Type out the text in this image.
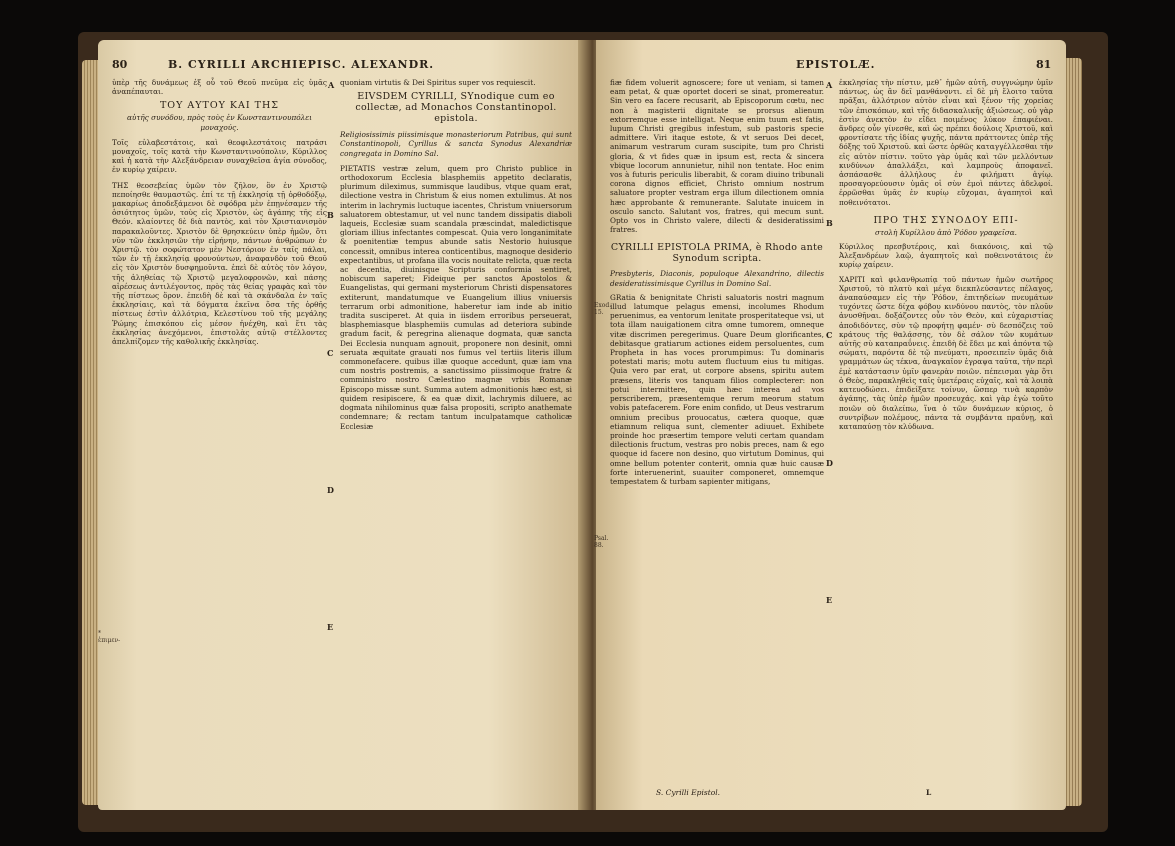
80	B. CYRILLI ARCHIEPISC. ALEXANDR.

ὑπὲρ τῆς δυνάμεως ἐξ οὗ τοῦ Θεοῦ πνεῦμα εἰς ὑμᾶς ἀναπέπαυται.

ΤΟΥ ΑΥΤΟΥ ΚΑΙ ΤΗΣ

αὐτῆς συνόδου, πρὸς τοὺς ἐν Κωνσταντινουπόλει μοναχούς.

Τοῖς εὐλαβεστάτοις, καὶ θεοφιλεστάτοις πατράσι μοναχοῖς, τοῖς κατὰ τὴν Κωνσταντινούπολιν, Κύριλλος καὶ ἡ κατὰ τὴν Αλεξάνδρειαν συναχθεῖσα ἁγία σύνοδος, ἐν κυρίῳ χαίρειν.

ΤΗΣ θεοσεβείας ὑμῶν τὸν ζῆλον, ὃν ἐν Χριστῷ πεποίησθε θαυμαστῶς. ἐπί τε τῇ ἐκκλησίᾳ τῇ ὀρθοδόξῳ, μακαρίως ἀποδεξάμενοι δὲ σφόδρα μὲν ἐπῃνέσαμεν τῆς ὁσιότητος ὑμῶν, τοὺς εἰς Χριστὸν, ὡς ἀγάπης τῆς εἰς Θεόν. κλαίοντες δὲ διὰ παντὸς, καὶ τὸν Χριστιανισμὸν παρακαλοῦντες. Χριστὸν δὲ θρησκεύειν ὑπὲρ ἡμῶν, ὅτι νῦν τῶν ἐκκλησιῶν τὴν εἰρήνην, πάντων ἀνθρώπων ἐν Χριστῷ. τὸν σοφώτατον μὲν Νεστόριον ἐν ταῖς πάλαι, τῶν ἐν τῇ ἐκκλησίᾳ φρονούντων, ἀναφανδὸν τοῦ Θεοῦ εἰς τὸν Χριστὸν δυσφημοῦντα. ἐπεὶ δὲ αὐτὸς τὸν λόγον, τῆς ἀληθείας τῷ Χριστῷ μεγαλοφρονῶν, καὶ πάσης αἱρέσεως ἀντιλέγοντος, πρὸς τὰς θείας γραφὰς καὶ τὸν τῆς πίστεως ὅρον. ἐπειδὴ δὲ καὶ τὰ σκάνδαλα ἐν ταῖς ἐκκλησίαις, καὶ τὰ δόγματα ἐκεῖνα ὅσα τῆς ὀρθῆς πίστεως ἐστὶν ἀλλότρια, Κελεστίνου τοῦ τῆς μεγάλης Ῥώμης ἐπισκόπου εἰς μέσον ἠνέχθη, καὶ ἔτι τὰς ἐκκλησίας ἀνεχόμενοι, ἐπιστολὰς αὐτῷ στέλλοντες ἀπελπίζομεν τῆς καθολικῆς ἐκκλησίας.

A
B
C
D
E
* ἐπιμεν-

quoniam virtutis & Dei Spiritus super vos requiescit.

EIVSDEM CYRILLI, SYnodique cum eo collectæ, ad Monachos Constantinopol. epistola.

Religiosissimis piissimisque monasteriorum Patribus, qui sunt Constantinopoli, Cyrillus & sancta Synodus Alexandriæ congregata in Domino Sal.

PIETATIS vestræ zelum, quem pro Christo publice in orthodoxorum Ecclesia blasphemiis appetito declaratis, plurimum dileximus, summisque laudibus, vtque quam erat, dilectione vestra in Christum & eius nomen extulimus. At nos interim in lachrymis luctuque iacentes, Christum vniuersorum saluatorem obtestamur, ut vel nunc tandem dissipatis diaboli laqueis, Ecclesiæ suam scandala præscindat, maledictisque gloriam illius infectantes compescat. Quia vero longanimitate & poenitentiæ tempus abunde satis Nestorio huiusque concessit, omnibus interea conticentibus, magnoque desiderio expectantibus, ut profana illa vocis nouitate relicta, quæ recta ac decentia, diuinisque Scripturis conformia sentiret, nobiscum saperet; Fideique per sanctos Apostolos & Euangelistas, qui germani mysteriorum Christi dispensatores extiterunt, mandatumque ve Euangelium illius vniuersis terrarum orbi admonitione, haberetur iam inde ab initio tradita susciperet. At quia in iisdem erroribus perseuerat, blasphemiasque blasphemiis cumulas ad deteriora subinde gradum facit, & peregrina alienaque dogmata, quæ sancta Dei Ecclesia nunquam agnouit, proponere non desinit, omni seruata æquitate grauati nos fumus vel tertiis literis illum commonefacere. quibus illæ quoque accedunt, quæ iam vna cum nostris postremis, a sanctissimo piissimoque fratre & comministro nostro Cælestino magnæ vrbis Romanæ Episcopo missæ sunt. Summa autem admonitionis hæc est, si quidem resipiscere, & ea quæ dixit, lachrymis diluere, ac dogmata nihilominus quæ falsa propositi, scripto anathemate condemnare; & rectam tantum inculpatamque catholicæ Ecclesiæ

EPISTOLÆ.	81

fiæ fidem voluerit agnoscere; fore ut veniam, si tamen eam petat, & quæ oportet doceri se sinat, promereatur. Sin vero ea facere recusarit, ab Episcoporum cœtu, nec non à magisterii dignitate se prorsus alienum extorremque esse intelligat. Neque enim tuum est fatis, lupum Christi gregibus infestum, sub pastoris specie admittere. Viri itaque estote, & vt seruos Dei decet, animarum vestrarum curam suscipite, tum pro Christi gloria, & vt fides quæ in ipsum est, recta & sincera vbique locorum annunietur, nihil non tentate. Hoc enim vos à futuris periculis liberabit, & coram diuino tribunali corona dignos efficiet, Christo omnium nostrum saluatore propter vestram erga illum dilectionem omnia hæc approbante & remunerante. Salutate inuicem in osculo sancto. Salutant vos, fratres, qui mecum sunt. Opto vos in Christo valere, dilecti & desideratissimi fratres.

CYRILLI EPISTOLA PRIMA, è Rhodo ante Synodum scripta.

Presbyteris, Diaconis, populoque Alexandrino, dilectis desideratissimisque Cyrillus in Domino Sal.

GRatia & benignitate Christi saluatoris nostri magnum illud latumque pelagus emensi, incolumes Rhodum peruenimus, ea ventorum lenitate prosperitateque vsi, ut tota illam nauigationem citra omne tumorem, omneque vitæ discrimen peregerimus. Quare Deum glorificantes, debitasque gratiarum actiones eidem persoluentes, cum Propheta in has voces prorumpimus: Tu dominaris potestati maris; motu autem fluctuum eius tu mitigas. Quia vero par erat, ut corpore absens, spiritu autem præsens, literis vos tanquam filios complecterer: non potui intermittere, quin hæc interea ad vos perscriberem, præsentemque rerum meorum statum vobis patefacerem. Fore enim confido, ut Deus vestrarum omnium precibus prouocatus, cætera quoque, quæ etiamnum reliqua sunt, clementer adiuuet. Exhibete proinde hoc præsertim tempore veluti certam quandam dilectionis fructum, vestras pro nobis preces, nam & ego quoque id facere non desino, quo virtutum Dominus, qui omne bellum potenter conterit, omnia quæ huic causæ forte interuenerint, suauiter componeret, omnemque tempestatem & turbam sapienter mitigans,

Exod. 15.
Psal. 88.
A
B
C
D
E

ἐκκλησίας τὴν πίστιν, μεθ᾽ ἡμῶν αὐτῆ, συγγνώμην ὑμῖν πάντως, ὡς ἂν δεῖ μανθάνοντι. εἰ δὲ μὴ ἔλοιτο ταῦτα πρᾶξαι, ἀλλότριον αὐτὸν εἶναι καὶ ξένον τῆς χορείας τῶν ἐπισκόπων, καὶ τῆς διδασκαλικῆς ἀξιώσεως. οὐ γὰρ ἐστὶν ἀνεκτὸν ἐν εἴδει ποιμένος λύκον ἐπαφιέναι. ἄνδρες οὖν γίνεσθε, καὶ ὡς πρέπει δούλοις Χριστοῦ, καὶ φροντίσατε τῆς ἰδίας ψυχῆς, πάντα πράττοντες ὑπὲρ τῆς δόξης τοῦ Χριστοῦ. καὶ ὥστε ὀρθῶς καταγγέλλεσθαι τὴν εἰς αὐτὸν πίστιν. τοῦτο γὰρ ὑμᾶς καὶ τῶν μελλόντων κινδύνων ἀπαλλάξει, καὶ λαμπροὺς ἀποφανεῖ. ἀσπάσασθε ἀλλήλους ἐν φιλήματι ἁγίῳ. προσαγορεύουσιν ὑμᾶς οἱ σὺν ἐμοὶ πάντες ἀδελφοί. ἐρρῶσθαι ὑμᾶς ἐν κυρίῳ εὔχομαι, ἀγαπητοὶ καὶ ποθεινότατοι.

ΠΡΟ ΤΗΣ ΣΥΝΟΔΟΥ ΕΠΙ-

στολὴ Κυρίλλου ἀπὸ Ῥόδου γραφεῖσα.

Κύριλλος πρεσβυτέροις, καὶ διακόνοις, καὶ τῷ Ἀλεξανδρέων λαῷ, ἀγαπητοῖς καὶ ποθεινοτάτοις ἐν κυρίῳ χαίρειν.

ΧΑΡΙΤΙ καὶ φιλανθρωπίᾳ τοῦ πάντων ἡμῶν σωτῆρος Χριστοῦ, τὸ πλατὺ καὶ μέγα διεκπλεύσαντες πέλαγος, ἀναπαύσαμεν εἰς τὴν Ῥόδον, ἐπιτηδείων πνευμάτων τυχόντες ὥστε δίχα φόβου κινδύνου παντὸς, τὸν πλοῦν ἀνυσθῆναι. δοξάζοντες οὖν τὸν Θεὸν, καὶ εὐχαριστίας ἀποδιδόντες, σὺν τῷ προφήτῃ φαμέν· σὺ δεσπόζεις τοῦ κράτους τῆς θαλάσσης, τὸν δὲ σάλον τῶν κυμάτων αὐτῆς σὺ καταπραΰνεις. ἐπειδὴ δὲ ἔδει με καὶ ἀπόντα τῷ σώματι, παρόντα δὲ τῷ πνεύματι, προσειπεῖν ὑμᾶς διὰ γραμμάτων ὡς τέκνα, ἀναγκαῖον ἐγραψα ταῦτα, τὴν περὶ ἐμὲ κατάστασιν ὑμῖν φανερὰν ποιῶν. πέπεισμαι γὰρ ὅτι ὁ Θεὸς, παρακληθεὶς ταῖς ὑμετέραις εὐχαῖς, καὶ τὰ λοιπὰ κατευοδώσει. ἐπιδείξατε τοίνυν, ὥσπερ τινὰ καρπὸν ἀγάπης, τὰς ὑπὲρ ἡμῶν προσευχάς. καὶ γὰρ ἐγὼ τοῦτο ποιῶν οὐ διαλείπω, ἵνα ὁ τῶν δυνάμεων κύριος, ὁ συντρίβων πολέμους, πάντα τὰ συμβάντα πραΰνῃ, καὶ καταπαύσῃ τὸν κλύδωνα.

S. Cyrilli Epistol.	L
